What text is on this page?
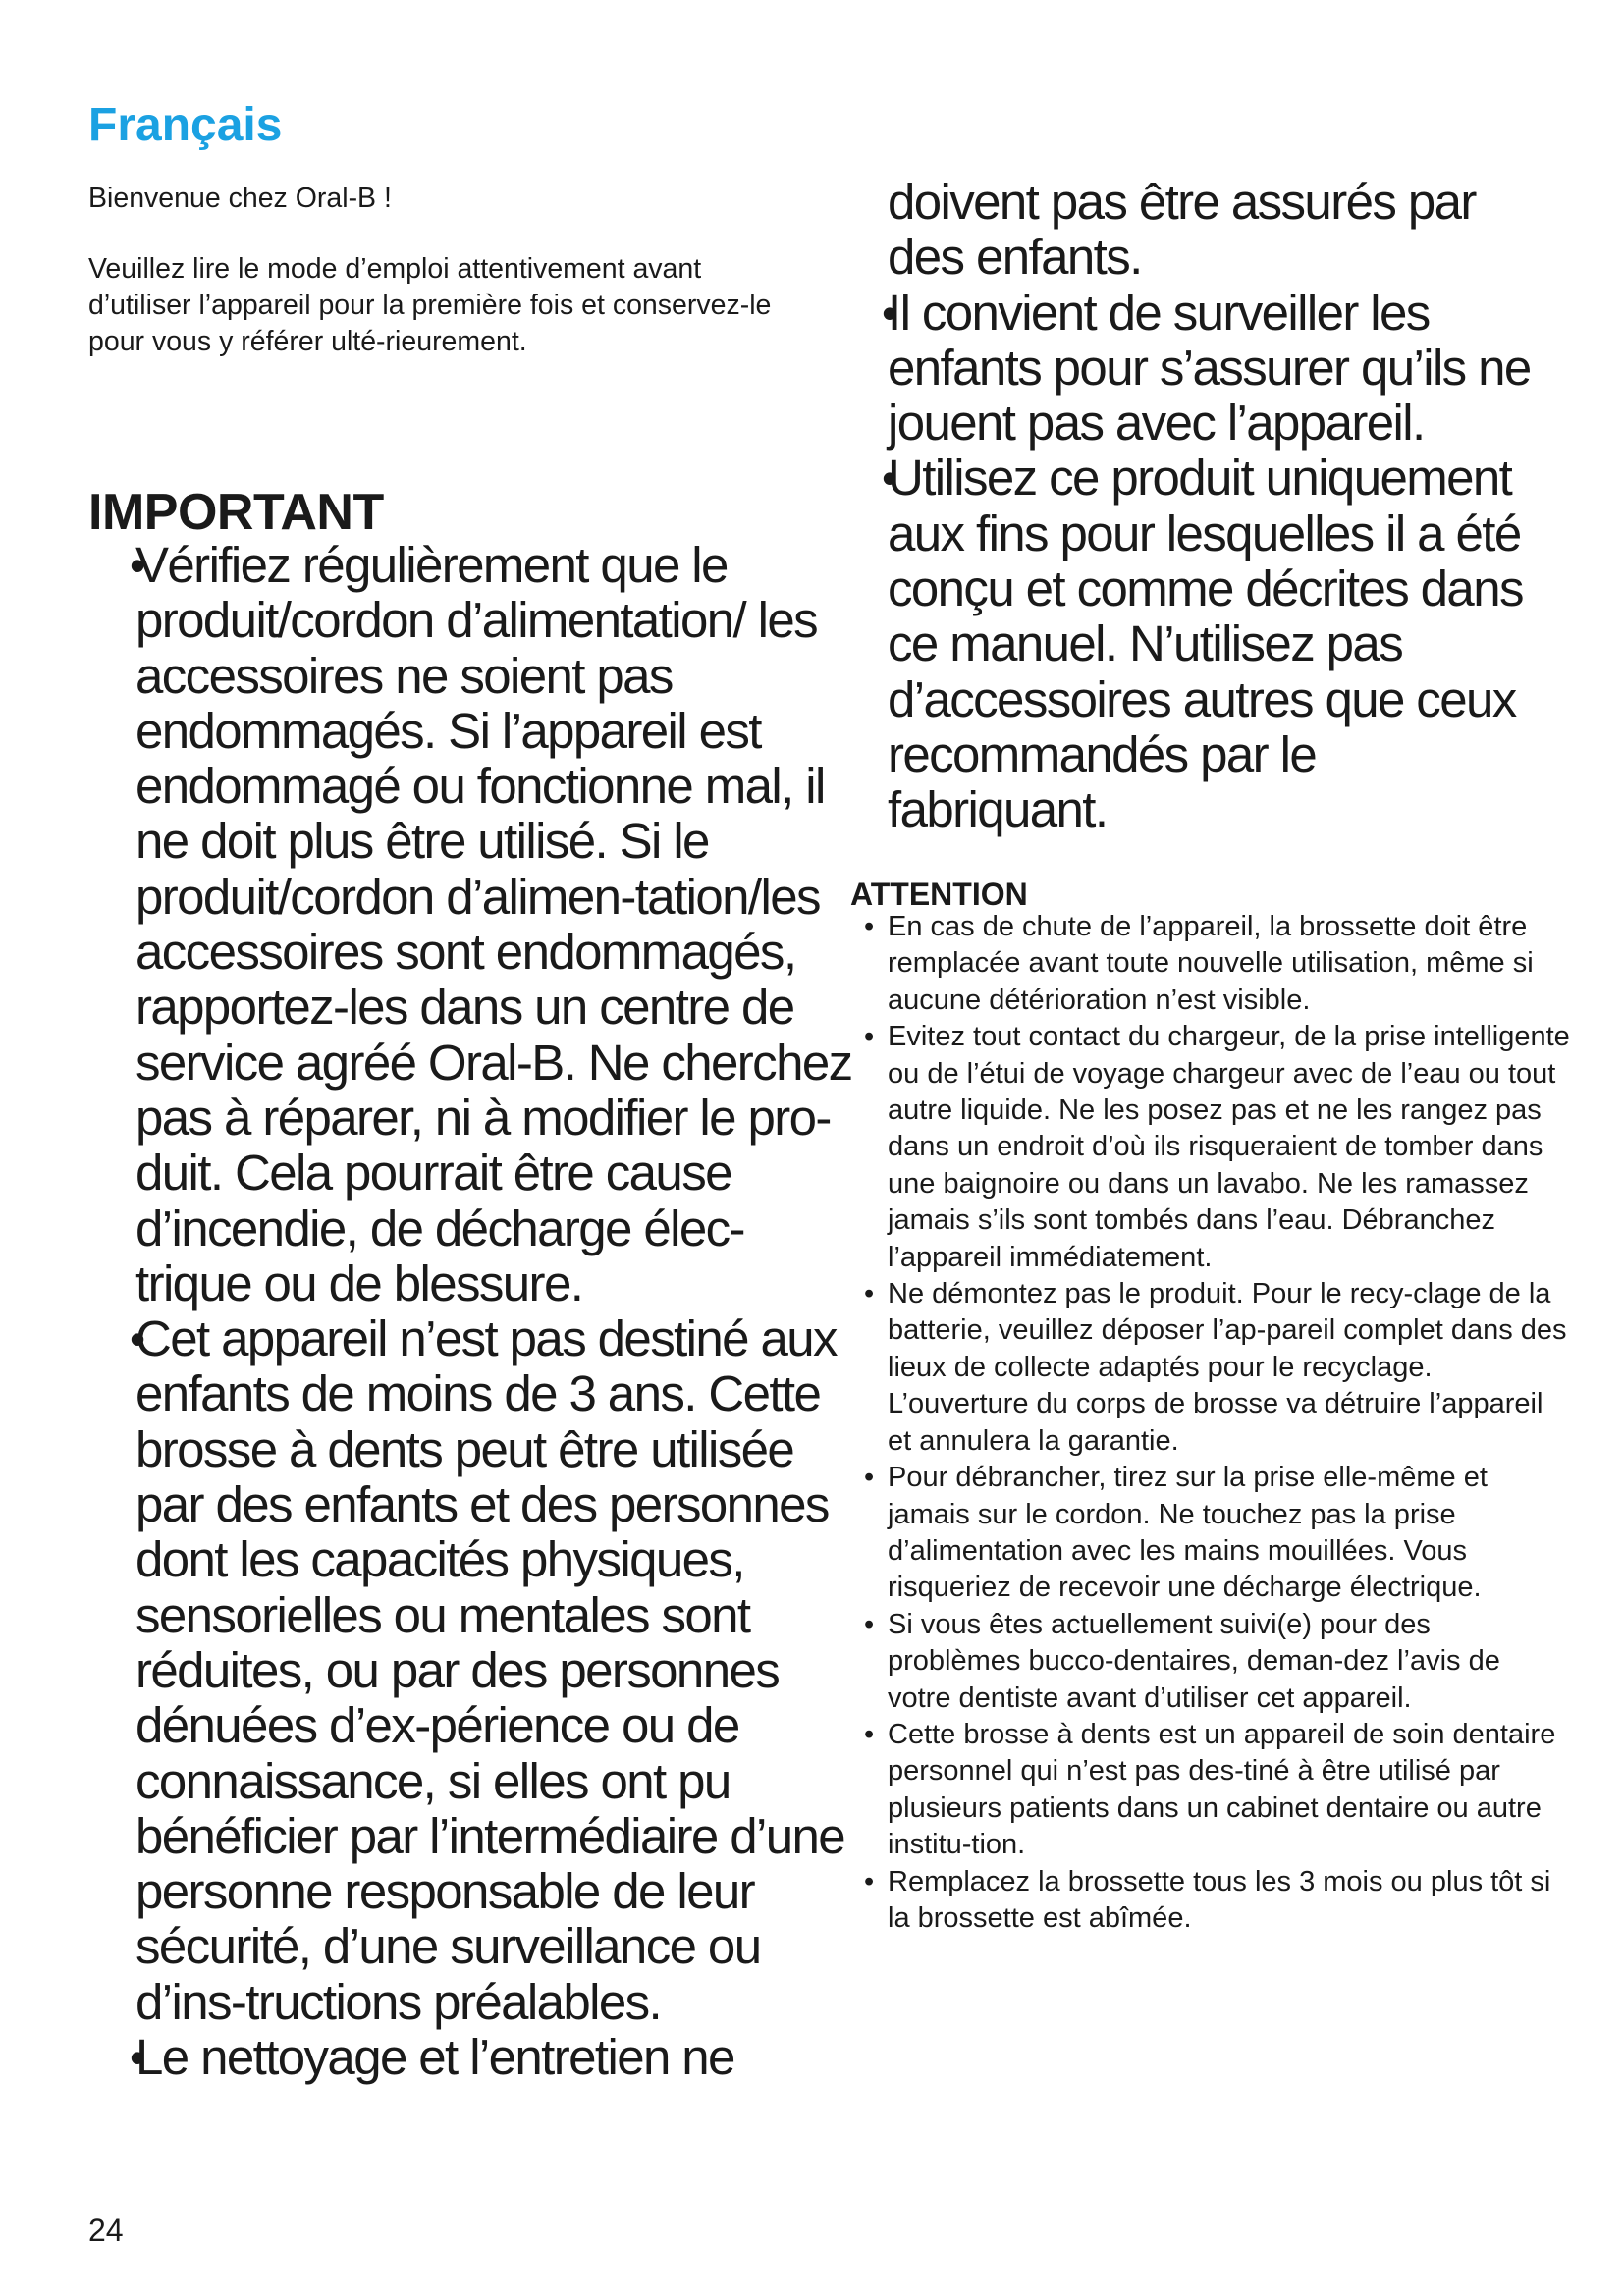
Français

Bienvenue chez Oral-B !

Veuillez lire le mode d’emploi attentivement avant d’utiliser l’appareil pour la première fois et conservez-le pour vous y référer ulté-rieurement.

IMPORTANT
• Vérifiez régulièrement que le produit/cordon d’alimentation/ les accessoires ne soient pas endommagés. Si l’appareil est endommagé ou fonctionne mal, il ne doit plus être utilisé. Si le produit/cordon d’alimen-tation/les accessoires sont endommagés, rapportez-les dans un centre de service agréé Oral-B. Ne cherchez pas à réparer, ni à modifier le pro-duit. Cela pourrait être cause d’incendie, de décharge élec-trique ou de blessure.
• Cet appareil n’est pas destiné aux enfants de moins de 3 ans. Cette brosse à dents peut être utilisée par des enfants et des personnes dont les capacités physiques, sensorielles ou mentales sont réduites, ou par des personnes dénuées d’ex-périence ou de connaissance, si elles ont pu bénéficier par l’intermédiaire d’une personne responsable de leur sécurité, d’une surveillance ou d’ins-tructions préalables.
• Le nettoyage et l’entretien ne
doivent pas être assurés par des enfants.
• Il convient de surveiller les enfants pour s’assurer qu’ils ne jouent pas avec l’appareil.
• Utilisez ce produit uniquement aux fins pour lesquelles il a été conçu et comme décrites dans ce manuel. N’utilisez pas d’accessoires autres que ceux recommandés par le fabriquant.
ATTENTION
• En cas de chute de l’appareil, la brossette doit être remplacée avant toute nouvelle utilisation, même si aucune détérioration n’est visible.
• Evitez tout contact du chargeur, de la prise intelligente ou de l’étui de voyage chargeur avec de l’eau ou tout autre liquide. Ne les posez pas et ne les rangez pas dans un endroit d’où ils risqueraient de tomber dans une baignoire ou dans un lavabo. Ne les ramassez jamais s’ils sont tombés dans l’eau. Débranchez l’appareil immédiatement.
• Ne démontez pas le produit. Pour le recy-clage de la batterie, veuillez déposer l’ap-pareil complet dans des lieux de collecte adaptés pour le recyclage. L’ouverture du corps de brosse va détruire l’appareil et annulera la garantie.
• Pour débrancher, tirez sur la prise elle-même et jamais sur le cordon. Ne touchez pas la prise d’alimentation avec les mains mouillées. Vous risqueriez de recevoir une décharge électrique.
• Si vous êtes actuellement suivi(e) pour des problèmes bucco-dentaires, deman-dez l’avis de votre dentiste avant d’utiliser cet appareil.
• Cette brosse à dents est un appareil de soin dentaire personnel qui n’est pas des-tiné à être utilisé par plusieurs patients dans un cabinet dentaire ou autre institu-tion.
• Remplacez la brossette tous les 3 mois ou plus tôt si la brossette est abîmée.

24
